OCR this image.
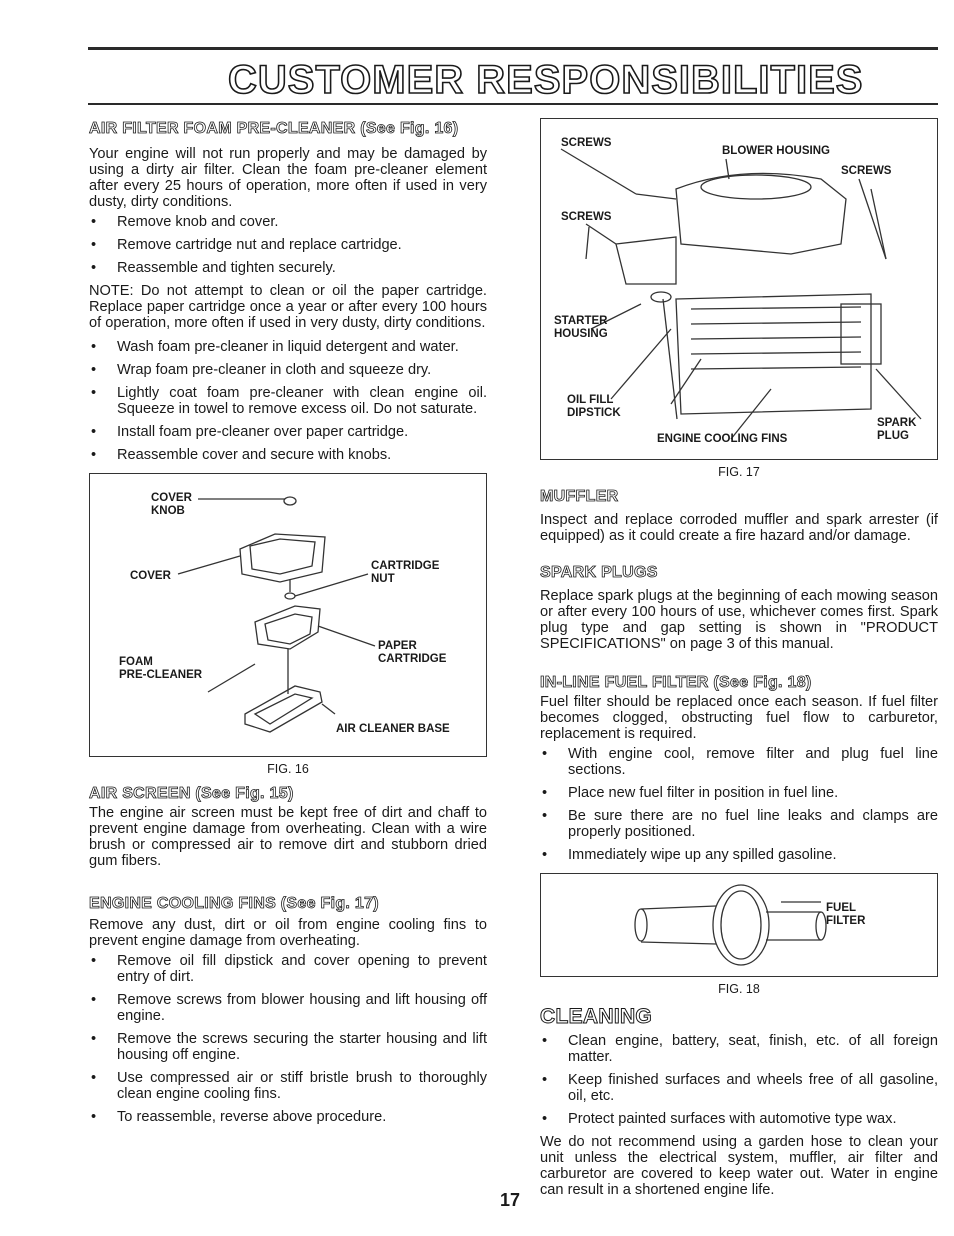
CUSTOMER RESPONSIBILITIES
AIR FILTER FOAM PRE-CLEANER (See Fig. 16)

Your engine will not run properly and may be damaged by using a dirty air filter. Clean the foam pre-cleaner element after every 25 hours of operation, more often if used in very dusty, dirty conditions.

• Remove knob and cover.
• Remove cartridge nut and replace cartridge.
• Reassemble and tighten securely.

NOTE: Do not attempt to clean or oil the paper cartridge. Replace paper cartridge once a year or after every 100 hours of operation, more often if used in very dusty, dirty conditions.

• Wash foam pre-cleaner in liquid detergent and water.
• Wrap foam pre-cleaner in cloth and squeeze dry.
• Lightly coat foam pre-cleaner with clean engine oil. Squeeze in towel to remove excess oil. Do not saturate.
• Install foam pre-cleaner over paper cartridge.
• Reassemble cover and secure with knobs.
COVER
KNOB
COVER
CARTRIDGE
NUT
PAPER
CARTRIDGE
FOAM
PRE-CLEANER
AIR CLEANER BASE
FIG. 16
AIR SCREEN (See Fig. 15)

The engine air screen must be kept free of dirt and chaff to prevent engine damage from overheating. Clean with a wire brush or compressed air to remove dirt and stubborn dried gum fibers.

ENGINE COOLING FINS (See Fig. 17)

Remove any dust, dirt or oil from engine cooling fins to prevent engine damage from overheating.

• Remove oil fill dipstick and cover opening to prevent entry of dirt.
• Remove screws from blower housing and lift housing off engine.
• Remove the screws securing the starter housing and lift housing off engine.
• Use compressed air or stiff bristle brush to thoroughly clean engine cooling fins.
• To reassemble, reverse above procedure.
SCREWS
BLOWER HOUSING
SCREWS
SCREWS
STARTER
HOUSING
OIL FILL
DIPSTICK
ENGINE COOLING FINS
SPARK
PLUG
FIG. 17
MUFFLER

Inspect and replace corroded muffler and spark arrester (if equipped) as it could create a fire hazard and/or damage.

SPARK PLUGS

Replace spark plugs at the beginning of each mowing season or after every 100 hours of use, whichever comes first. Spark plug type and gap setting is shown in "PRODUCT SPECIFICATIONS" on page 3 of this manual.

IN-LINE FUEL FILTER (See Fig. 18)

Fuel filter should be replaced once each season. If fuel filter becomes clogged, obstructing fuel flow to carburetor, replacement is required.

• With engine cool, remove filter and plug fuel line sections.
• Place new fuel filter in position in fuel line.
• Be sure there are no fuel line leaks and clamps are properly positioned.
• Immediately wipe up any spilled gasoline.
FUEL
FILTER
FIG. 18
CLEANING
• Clean engine, battery, seat, finish, etc. of all foreign matter.
• Keep finished surfaces and wheels free of all gasoline, oil, etc.
• Protect painted surfaces with automotive type wax.

We do not recommend using a garden hose to clean your unit unless the electrical system, muffler, air filter and carburetor are covered to keep water out. Water in engine can result in a shortened engine life.

17
